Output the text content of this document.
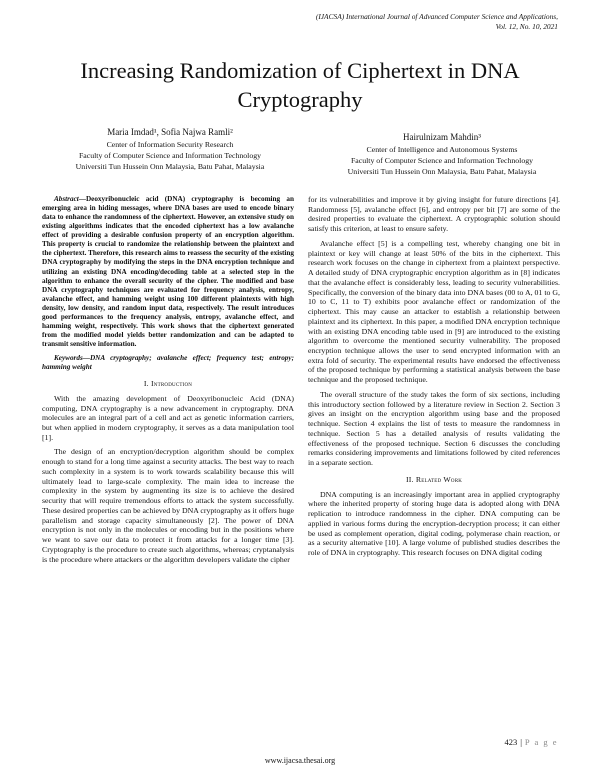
(IJACSA) International Journal of Advanced Computer Science and Applications,
Vol. 12, No. 10, 2021
Increasing Randomization of Ciphertext in DNA Cryptography
Maria Imdad¹, Sofia Najwa Ramli²
Center of Information Security Research
Faculty of Computer Science and Information Technology
Universiti Tun Hussein Onn Malaysia, Batu Pahat, Malaysia
Hairulnizam Mahdin³
Center of Intelligence and Autonomous Systems
Faculty of Computer Science and Information Technology
Universiti Tun Hussein Onn Malaysia, Batu Pahat, Malaysia

Abstract—Deoxyribonucleic acid (DNA) cryptography is becoming an emerging area in hiding messages, where DNA bases are used to encode binary data to enhance the randomness of the ciphertext. However, an extensive study on existing algorithms indicates that the encoded ciphertext has a low avalanche effect of providing a desirable confusion property of an encryption algorithm. This property is crucial to randomize the relationship between the plaintext and the ciphertext. Therefore, this research aims to reassess the security of the existing DNA cryptography by modifying the steps in the DNA encryption technique and utilizing an existing DNA encoding/decoding table at a selected step in the algorithm to enhance the overall security of the cipher. The modified and base DNA cryptography techniques are evaluated for frequency analysis, entropy, avalanche effect, and hamming weight using 100 different plaintexts with high density, low density, and random input data, respectively. The result introduces good performances to the frequency analysis, entropy, avalanche effect, and hamming weight, respectively. This work shows that the ciphertext generated from the modified model yields better randomization and can be adapted to transmit sensitive information.

Keywords—DNA cryptography; avalanche effect; frequency test; entropy; hamming weight

I. Introduction

With the amazing development of Deoxyribonucleic Acid (DNA) computing, DNA cryptography is a new advancement in cryptography. DNA molecules are an integral part of a cell and act as genetic information carriers, but when applied in modern cryptography, it serves as a data manipulation tool [1].

The design of an encryption/decryption algorithm should be complex enough to stand for a long time against a security attacks. The best way to reach such complexity in a system is to work towards scalability because this will ultimately lead to large-scale complexity. The main idea to increase the complexity in the system by augmenting its size is to achieve the desired security that will require tremendous efforts to attack the system successfully. These desired properties can be achieved by DNA cryptography as it offers huge parallelism and storage capacity simultaneously [2]. The power of DNA encryption is not only in the molecules or encoding but in the positions where we want to save our data to protect it from attacks for a longer time [3]. Cryptography is the procedure to create such algorithms, whereas; cryptanalysis is the procedure where attackers or the algorithm developers validate the cipher

for its vulnerabilities and improve it by giving insight for future directions [4]. Randomness [5], avalanche effect [6], and entropy per bit [7] are some of the desired properties to evaluate the ciphertext. A cryptographic solution should satisfy this criterion, at least to ensure safety.

Avalanche effect [5] is a compelling test, whereby changing one bit in plaintext or key will change at least 50% of the bits in the ciphertext. This research work focuses on the change in ciphertext from a plaintext perspective. A detailed study of DNA cryptographic encryption algorithm as in [8] indicates that the avalanche effect is considerably less, leading to security vulnerabilities. Specifically, the conversion of the binary data into DNA bases (00 to A, 01 to G, 10 to C, 11 to T) exhibits poor avalanche effect or randomization of the ciphertext. This may cause an attacker to establish a relationship between plaintext and its ciphertext. In this paper, a modified DNA encryption technique with an existing DNA encoding table used in [9] are introduced to the existing algorithm to overcome the mentioned security vulnerability. The proposed encryption technique allows the user to send encrypted information with an extra fold of security. The experimental results have endorsed the effectiveness of the proposed technique by performing a statistical analysis between the base technique and the proposed technique.

The overall structure of the study takes the form of six sections, including this introductory section followed by a literature review in Section 2. Section 3 gives an insight on the encryption algorithm using base and the proposed technique. Section 4 explains the list of tests to measure the randomness in technique. Section 5 has a detailed analysis of results validating the effectiveness of the proposed technique. Section 6 discusses the concluding remarks considering improvements and limitations followed by cited references in a separate section.

II. Related Work

DNA computing is an increasingly important area in applied cryptography where the inherited property of storing huge data is adopted along with DNA replication to introduce randomness in the cipher. DNA computing can be applied in various forms during the encryption-decryption process; it can either be used as complement operation, digital coding, polymerase chain reaction, or as a security alternative [10]. A large volume of published studies describes the role of DNA in cryptography. This research focuses on DNA digital coding

423 | P a g e
www.ijacsa.thesai.org
